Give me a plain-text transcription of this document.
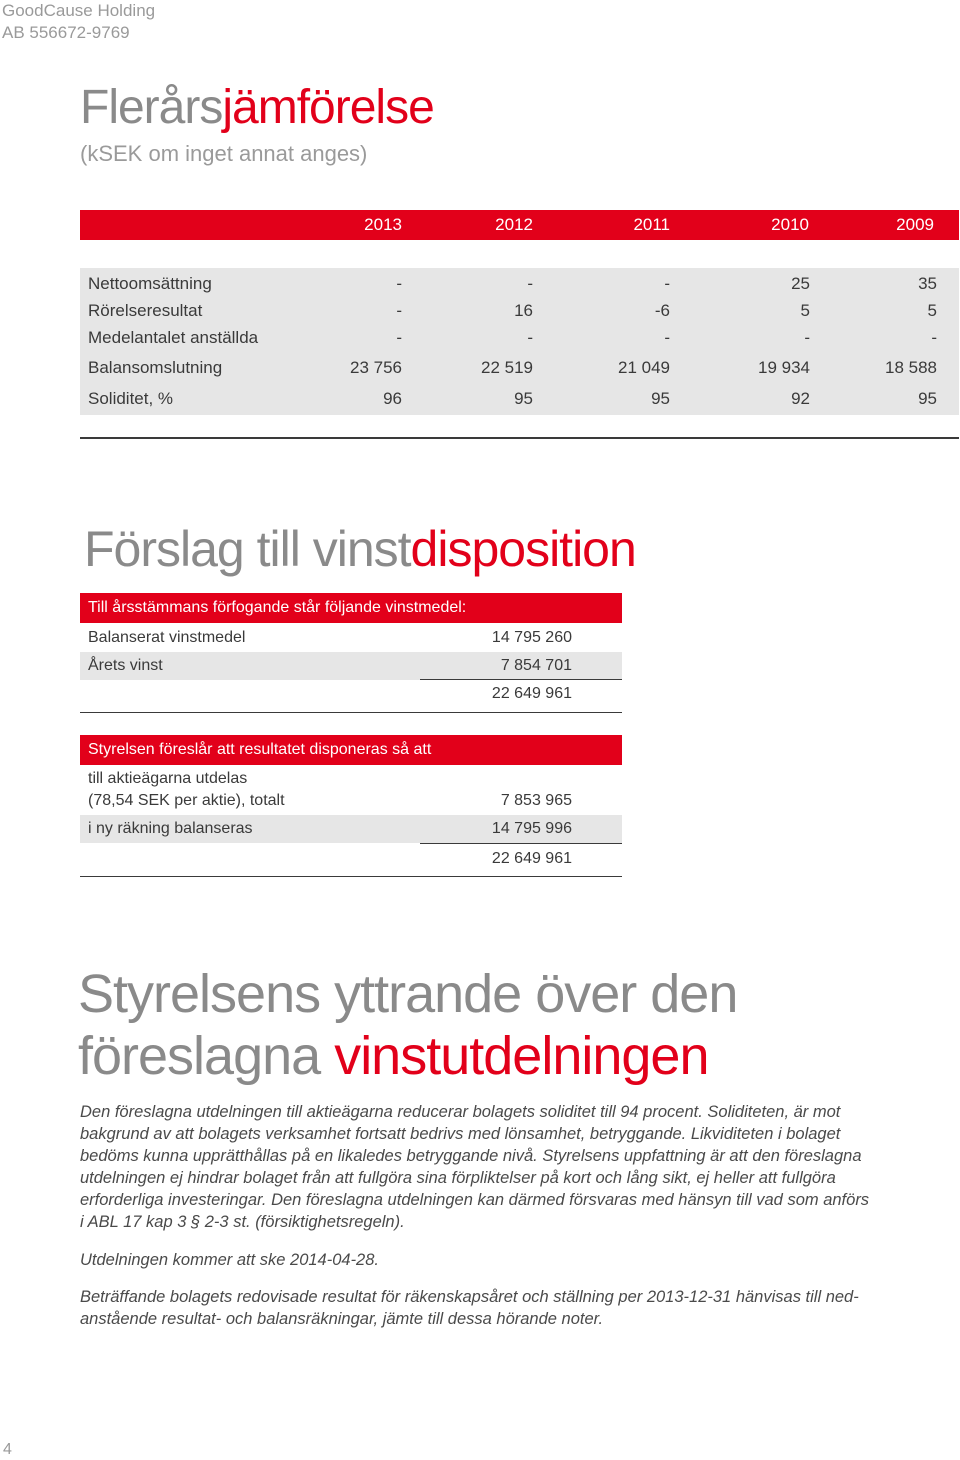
GoodCause Holding
AB 556672-9769
Flerårsjämförelse
(kSEK om inget annat anges)
2013	2012	2011	2010	2009
Nettoomsättning	-	-	-	25	35
Rörelseresultat	-	16	-6	5	5
Medelantalet anställda	-	-	-	-	-
Balansomslutning	23 756	22 519	21 049	19 934	18 588
Soliditet, %	96	95	95	92	95
Förslag till vinstdisposition
Till årsstämmans förfogande står följande vinstmedel:
Balanserat vinstmedel	14 795 260
Årets vinst	7 854 701
22 649 961
Styrelsen föreslår att resultatet disponeras så att
till aktieägarna utdelas
(78,54 SEK per aktie), totalt	7 853 965
i ny räkning balanseras	14 795 996
22 649 961
Styrelsens yttrande över den
föreslagna vinstutdelningen
Den föreslagna utdelningen till aktieägarna reducerar bolagets soliditet till 94 procent. Soliditeten, är mot
bakgrund av att bolagets verksamhet fortsatt bedrivs med lönsamhet, betryggande. Likviditeten i bolaget
bedöms kunna upprätthållas på en likaledes betryggande nivå. Styrelsens uppfattning är att den föreslagna
utdelningen ej hindrar bolaget från att fullgöra sina förpliktelser på kort och lång sikt, ej heller att fullgöra
erforderliga investeringar. Den föreslagna utdelningen kan därmed försvaras med hänsyn till vad som anförs
i ABL 17 kap 3 § 2-3 st. (försiktighetsregeln).
Utdelningen kommer att ske 2014-04-28.
Beträffande bolagets redovisade resultat för räkenskapsåret och ställning per 2013-12-31 hänvisas till ned-
anstående resultat- och balansräkningar, jämte till dessa hörande noter.
4
